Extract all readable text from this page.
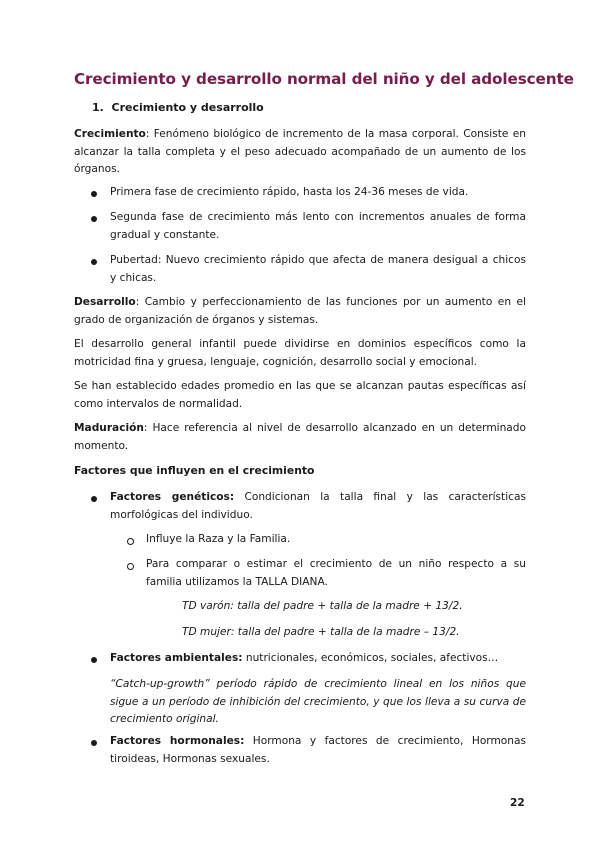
Crecimiento y desarrollo normal del niño y del adolescente
1. Crecimiento y desarrollo
Crecimiento: Fenómeno biológico de incremento de la masa corporal. Consiste en alcanzar la talla completa y el peso adecuado acompañado de un aumento de los órganos.
Primera fase de crecimiento rápido, hasta los 24-36 meses de vida.
Segunda fase de crecimiento más lento con incrementos anuales de forma gradual y constante.
Pubertad: Nuevo crecimiento rápido que afecta de manera desigual a chicos y chicas.
Desarrollo: Cambio y perfeccionamiento de las funciones por un aumento en el grado de organización de órganos y sistemas.
El desarrollo general infantil puede dividirse en dominios específicos como la motricidad fina y gruesa, lenguaje, cognición, desarrollo social y emocional.
Se han establecido edades promedio en las que se alcanzan pautas específicas así como intervalos de normalidad.
Maduración: Hace referencia al nivel de desarrollo alcanzado en un determinado momento.
Factores que influyen en el crecimiento
Factores genéticos: Condicionan la talla final y las características morfológicas del individuo.
Influye la Raza y la Familia.
Para comparar o estimar el crecimiento de un niño respecto a su familia utilizamos la TALLA DIANA.
TD varón: talla del padre + talla de la madre + 13/2.
TD mujer: talla del padre + talla de la madre – 13/2.
Factores ambientales: nutricionales, económicos, sociales, afectivos…
“Catch-up-growth” período rápido de crecimiento lineal en los niños que sigue a un período de inhibición del crecimiento, y que los lleva a su curva de crecimiento original.
Factores hormonales: Hormona y factores de crecimiento, Hormonas tiroideas, Hormonas sexuales.
22
